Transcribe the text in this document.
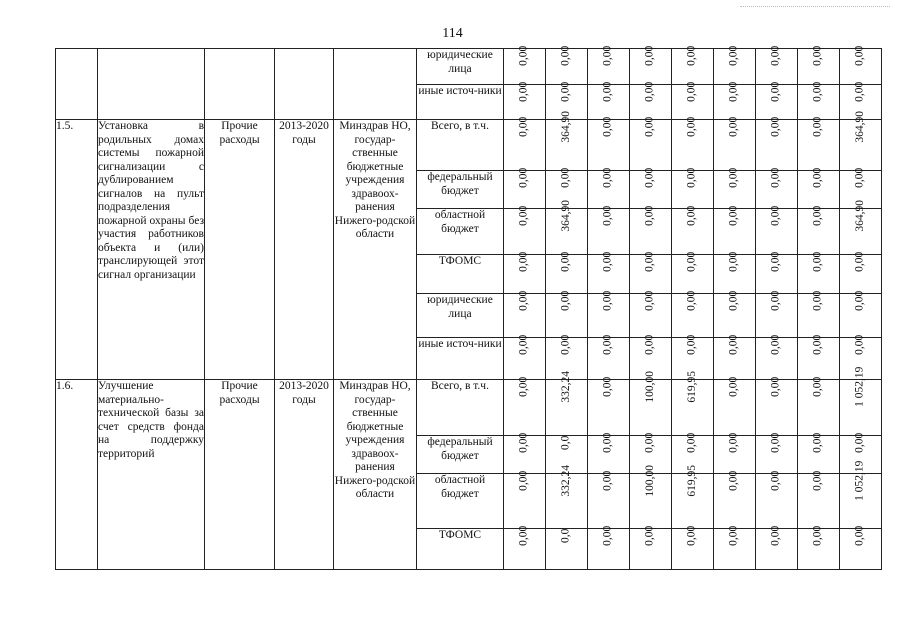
114
					юридические лица	0,00	0,00	0,00	0,00	0,00	0,00	0,00	0,00	0,00
					иные источ-ники	0,00	0,00	0,00	0,00	0,00	0,00	0,00	0,00	0,00
1.5.	Установка в родильных домах системы пожарной сигнализации с дублированием сигналов на пульт подразделения пожарной охраны без участия работников объекта и (или) транслирующей этот сигнал организации	Прочие расходы	2013-2020 годы	Минздрав НО, государ-ственные бюджетные учреждения здравоох-ранения Нижего-родской области	Всего, в т.ч.	0,00	364,90	0,00	0,00	0,00	0,00	0,00	0,00	364,90
					федеральный бюджет	0,00	0,00	0,00	0,00	0,00	0,00	0,00	0,00	0,00
					областной бюджет	0,00	364,90	0,00	0,00	0,00	0,00	0,00	0,00	364,90
					ТФОМС	0,00	0,00	0,00	0,00	0,00	0,00	0,00	0,00	0,00
					юридические лица	0,00	0,00	0,00	0,00	0,00	0,00	0,00	0,00	0,00
					иные источ-ники	0,00	0,00	0,00	0,00	0,00	0,00	0,00	0,00	0,00
1.6.	Улучшение материально-технической базы за счет средств фонда на поддержку территорий	Прочие расходы	2013-2020 годы	Минздрав НО, государ-ственные бюджетные учреждения здравоох-ранения Нижего-родской области	Всего, в т.ч.	0,00	332,24	0,00	100,00	619,95	0,00	0,00	0,00	1 052,19
					федеральный бюджет	0,00	0,0	0,00	0,00	0,00	0,00	0,00	0,00	0,00
					областной бюджет	0,00	332,24	0,00	100,00	619,95	0,00	0,00	0,00	1 052,19
					ТФОМС	0,00	0,0	0,00	0,00	0,00	0,00	0,00	0,00	0,00
